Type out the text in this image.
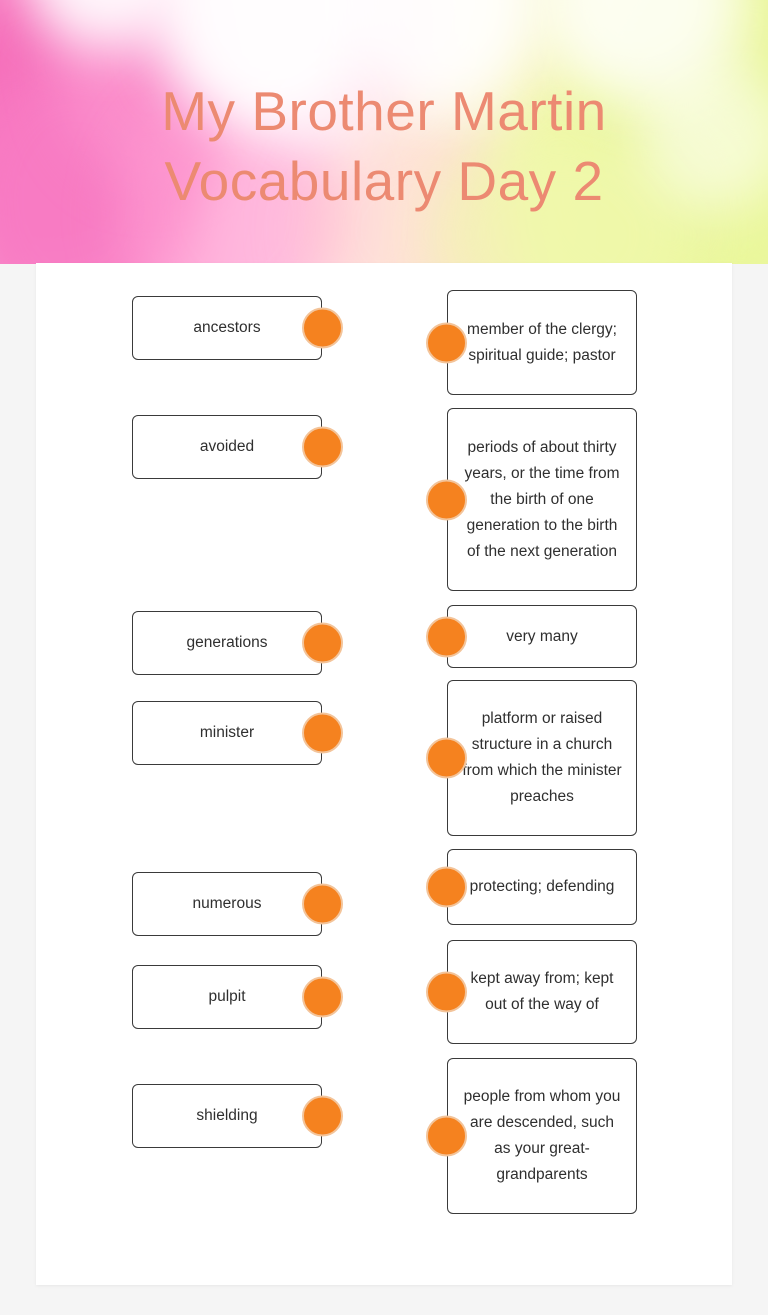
My Brother Martin
Vocabulary Day 2
ancestors
avoided
generations
minister
numerous
pulpit
shielding
member of the clergy; spiritual guide; pastor
periods of about thirty years, or the time from the birth of one generation to the birth of the next generation
very many
platform or raised structure in a church from which the minister preaches
protecting; defending
kept away from; kept out of the way of
people from whom you are descended, such as your great-grandparents
